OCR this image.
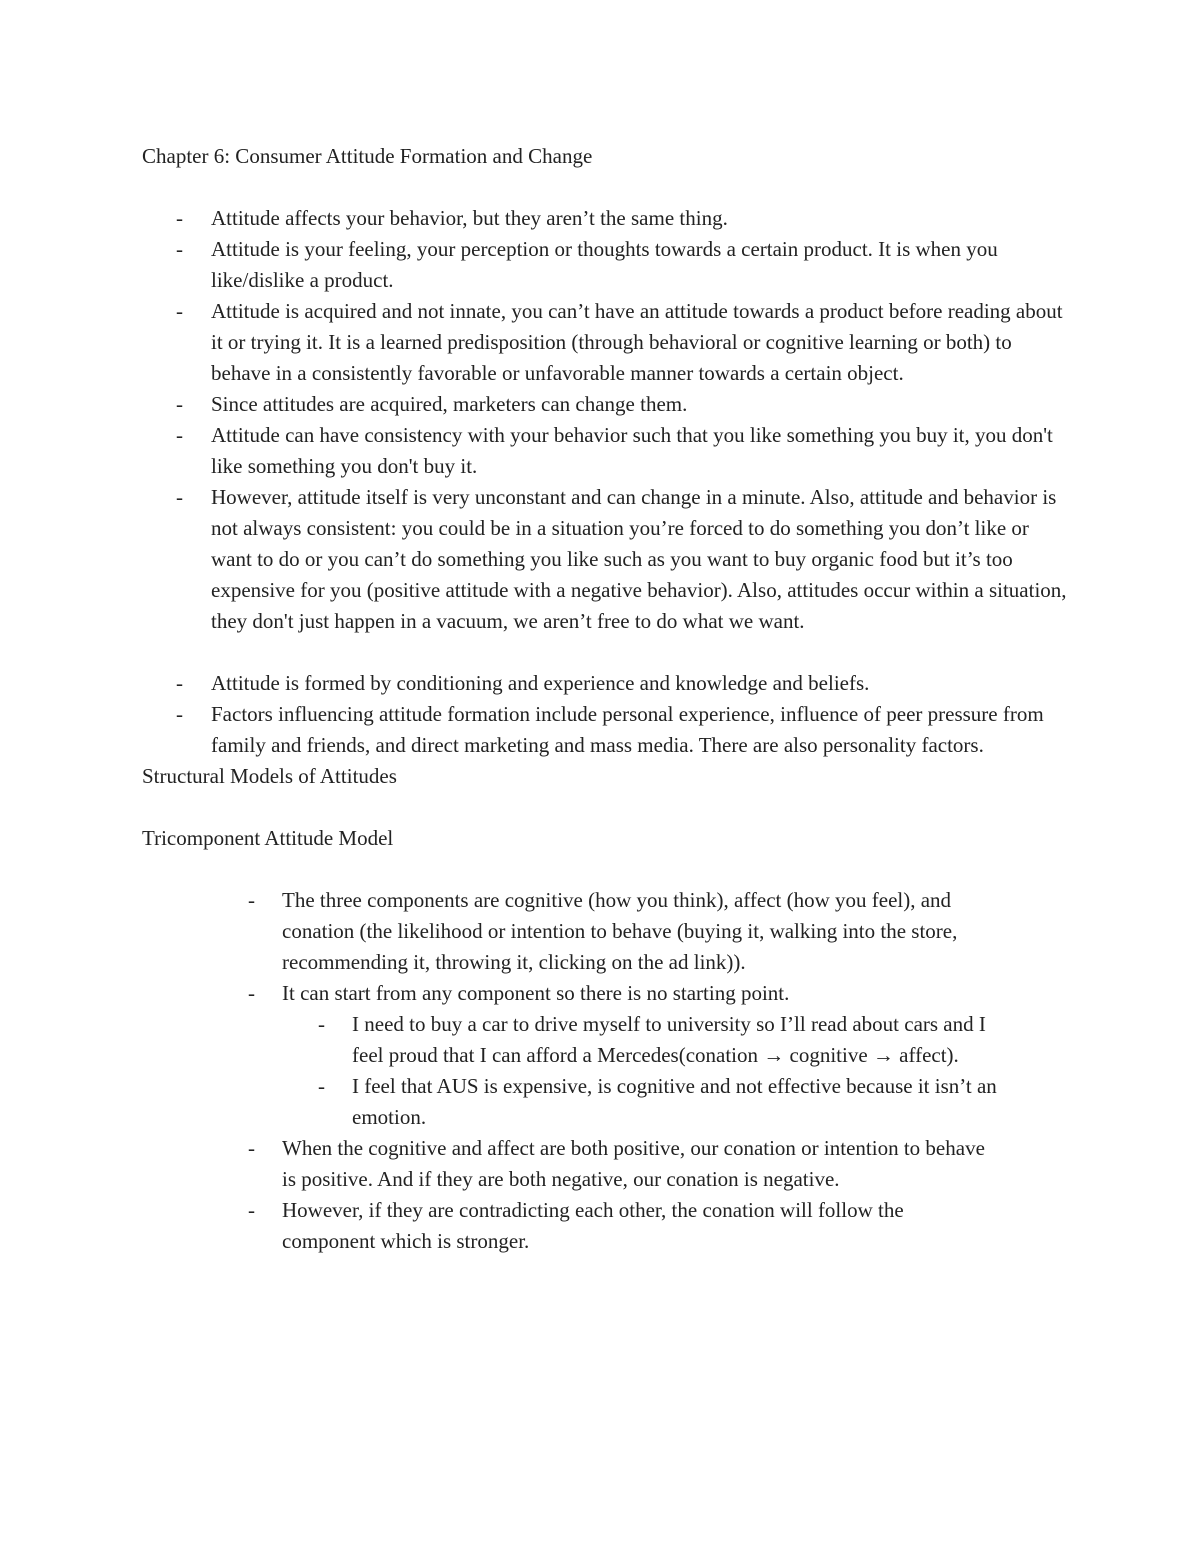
Chapter 6: Consumer Attitude Formation and Change

- Attitude affects your behavior, but they aren’t the same thing.
- Attitude is your feeling, your perception or thoughts towards a certain product. It is when you like/dislike a product.
- Attitude is acquired and not innate, you can’t have an attitude towards a product before reading about it or trying it. It is a learned predisposition (through behavioral or cognitive learning or both) to behave in a consistently favorable or unfavorable manner towards a certain object.
- Since attitudes are acquired, marketers can change them.
- Attitude can have consistency with your behavior such that you like something you buy it, you don't like something you don't buy it.
- However, attitude itself is very unconstant and can change in a minute. Also, attitude and behavior is not always consistent: you could be in a situation you’re forced to do something you don’t like or want to do or you can’t do something you like such as you want to buy organic food but it’s too expensive for you (positive attitude with a negative behavior). Also, attitudes occur within a situation, they don't just happen in a vacuum, we aren’t free to do what we want.
- Attitude is formed by conditioning and experience and knowledge and beliefs.
- Factors influencing attitude formation include personal experience, influence of peer pressure from family and friends, and direct marketing and mass media. There are also personality factors.

Structural Models of Attitudes

Tricomponent Attitude Model

- The three components are cognitive (how you think), affect (how you feel), and conation (the likelihood or intention to behave (buying it, walking into the store, recommending it, throwing it, clicking on the ad link)).
- It can start from any component so there is no starting point.
- I need to buy a car to drive myself to university so I’ll read about cars and I feel proud that I can afford a Mercedes(conation → cognitive → affect).
- I feel that AUS is expensive, is cognitive and not effective because it isn’t an emotion.
- When the cognitive and affect are both positive, our conation or intention to behave is positive. And if they are both negative, our conation is negative.
- However, if they are contradicting each other, the conation will follow the component which is stronger.
